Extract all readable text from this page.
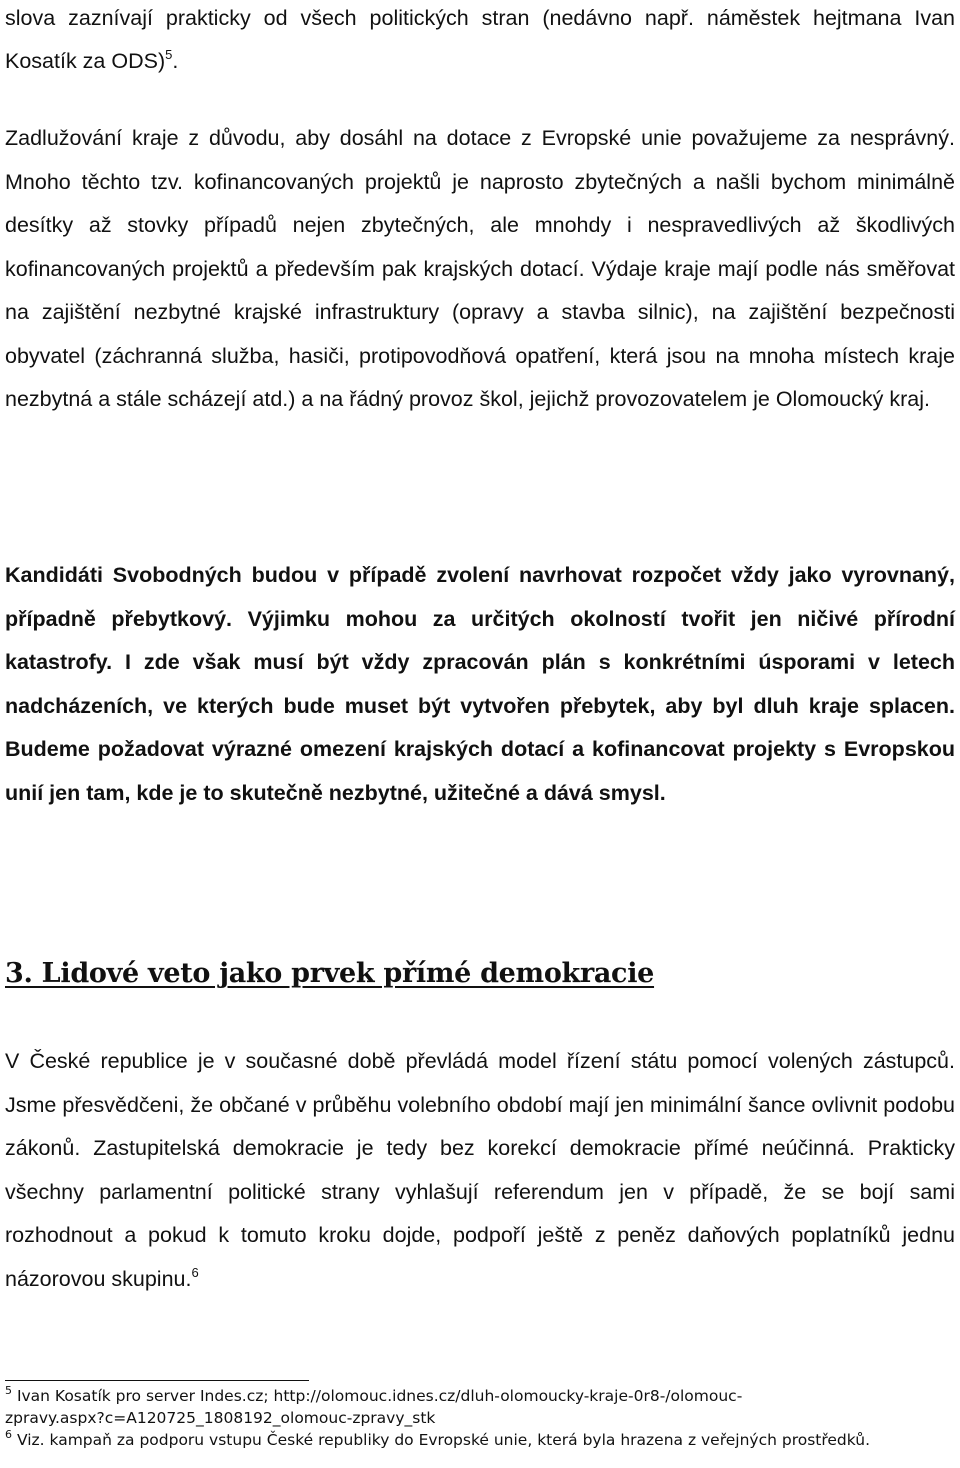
slova zaznívají prakticky od všech politických stran (nedávno např. náměstek hejtmana Ivan Kosatík za ODS)$^5$.

Zadlužování kraje z důvodu, aby dosáhl na dotace z Evropské unie považujeme za nesprávný. Mnoho těchto tzv. kofinancovaných projektů je naprosto zbytečných a našli bychom minimálně desítky až stovky případů nejen zbytečných, ale mnohdy i nespravedlivých až škodlivých kofinancovaných projektů a především pak krajských dotací. Výdaje kraje mají podle nás směřovat na zajištění nezbytné krajské infrastruktury (opravy a stavba silnic), na zajištění bezpečnosti obyvatel (záchranná služba, hasiči, protipovodňová opatření, která jsou na mnoha místech kraje nezbytná a stále scházejí atd.) a na řádný provoz škol, jejichž provozovatelem je Olomoucký kraj.

Kandidáti Svobodných budou v případě zvolení navrhovat rozpočet vždy jako vyrovnaný, případně přebytkový. Výjimku mohou za určitých okolností tvořit jen ničivé přírodní katastrofy. I zde však musí být vždy zpracován plán s konkrétními úsporami v letech nadcházeních, ve kterých bude muset být vytvořen přebytek, aby byl dluh kraje splacen. Budeme požadovat výrazné omezení krajských dotací a kofinancovat projekty s Evropskou unií jen tam, kde je to skutečně nezbytné, užitečné a dává smysl.

3. Lidové veto jako prvek přímé demokracie

V České republice je v současné době převládá model řízení státu pomocí volených zástupců. Jsme přesvědčeni, že občané v průběhu volebního období mají jen minimální šance ovlivnit podobu zákonů. Zastupitelská demokracie je tedy bez korekcí demokracie přímé neúčinná. Prakticky všechny parlamentní politické strany vyhlašují referendum jen v případě, že se bojí sami rozhodnout a pokud k tomuto kroku dojde, podpoří ještě z peněz daňových poplatníků jednu názorovou skupinu.$^6$

$^5$ Ivan Kosatík pro server Indes.cz; http://olomouc.idnes.cz/dluh-olomoucky-kraje-0r8-/olomouc-
zpravy.aspx?c=A120725_1808192_olomouc-zpravy_stk
$^6$ Viz. kampaň za podporu vstupu České republiky do Evropské unie, která byla hrazena z veřejných prostředků.
